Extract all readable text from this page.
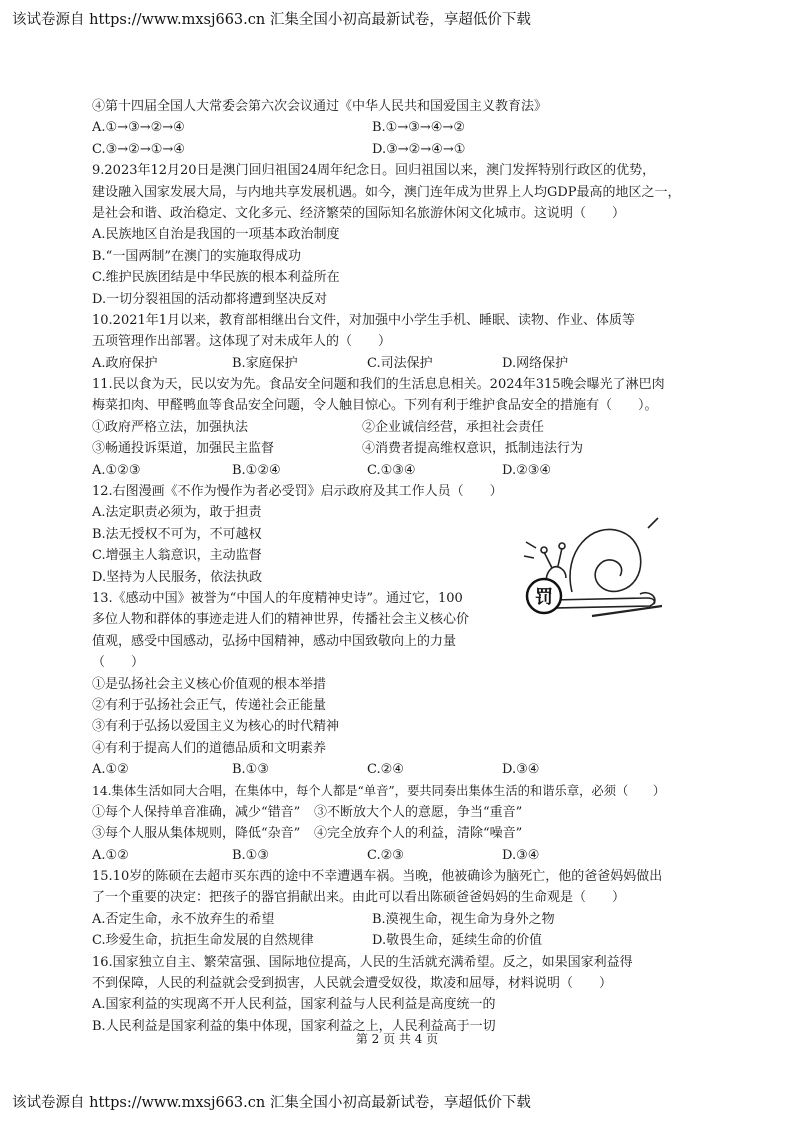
该试卷源自 https://www.mxsj663.cn 汇集全国小初高最新试卷，享超低价下载
④第十四届全国人大常委会第六次会议通过《中华人民共和国爱国主义教育法》
A.①→③→②→④	B.①→③→④→②
C.③→②→①→④	D.③→②→④→①
9.2023年12月20日是澳门回归祖国24周年纪念日。回归祖国以来，澳门发挥特别行政区的优势，
建设融入国家发展大局，与内地共享发展机遇。如今，澳门连年成为世界上人均GDP最高的地区之一，
是社会和谐、政治稳定、文化多元、经济繁荣的国际知名旅游休闲文化城市。这说明（　　）
A.民族地区自治是我国的一项基本政治制度
B.“一国两制”在澳门的实施取得成功
C.维护民族团结是中华民族的根本利益所在
D.一切分裂祖国的活动都将遭到坚决反对
10.2021年1月以来，教育部相继出台文件，对加强中小学生手机、睡眠、读物、作业、体质等
五项管理作出部署。这体现了对未成年人的（　　）
A.政府保护	B.家庭保护	C.司法保护	D.网络保护
11.民以食为天，民以安为先。食品安全问题和我们的生活息息相关。2024年315晚会曝光了淋巴肉
梅菜扣肉、甲醛鸭血等食品安全问题，令人触目惊心。下列有利于维护食品安全的措施有（　　）。
①政府严格立法，加强执法	②企业诚信经营，承担社会责任
③畅通投诉渠道，加强民主监督	④消费者提高维权意识，抵制违法行为
A.①②③	B.①②④	C.①③④	D.②③④
12.右图漫画《不作为慢作为者必受罚》启示政府及其工作人员（　　）
A.法定职责必须为，敢于担责
B.法无授权不可为，不可越权
C.增强主人翁意识，主动监督
D.坚持为人民服务，依法执政
13.《感动中国》被誉为“中国人的年度精神史诗”。通过它，100
多位人物和群体的事迹走进人们的精神世界，传播社会主义核心价
值观，感受中国感动，弘扬中国精神，感动中国致敬向上的力量
（　　）
①是弘扬社会主义核心价值观的根本举措
②有利于弘扬社会正气，传递社会正能量
③有利于弘扬以爱国主义为核心的时代精神
④有利于提高人们的道德品质和文明素养
A.①②	B.①③	C.②④	D.③④
14.集体生活如同大合唱，在集体中，每个人都是“单音”，要共同奏出集体生活的和谐乐章，必须（　　）
①每个人保持单音准确，减少“错音”	③不断放大个人的意愿，争当“重音”
③每个人服从集体规则，降低“杂音”	④完全放弃个人的利益，清除“噪音”
A.①②	B.①③	C.②③	D.③④
15.10岁的陈硕在去超市买东西的途中不幸遭遇车祸。当晚，他被确诊为脑死亡，他的爸爸妈妈做出
了一个重要的决定：把孩子的器官捐献出来。由此可以看出陈硕爸爸妈妈的生命观是（　　）
A.否定生命，永不放弃生的希望	B.漠视生命，视生命为身外之物
C.珍爱生命，抗拒生命发展的自然规律	D.敬畏生命，延续生命的价值
16.国家独立自主、繁荣富强、国际地位提高，人民的生活就充满希望。反之，如果国家利益得
不到保障，人民的利益就会受到损害，人民就会遭受奴役，欺凌和屈辱，材料说明（　　）
A.国家利益的实现离不开人民利益，国家利益与人民利益是高度统一的
B.人民利益是国家利益的集中体现，国家利益之上，人民利益高于一切
罚
第 2 页 共 4 页
该试卷源自 https://www.mxsj663.cn 汇集全国小初高最新试卷，享超低价下载
